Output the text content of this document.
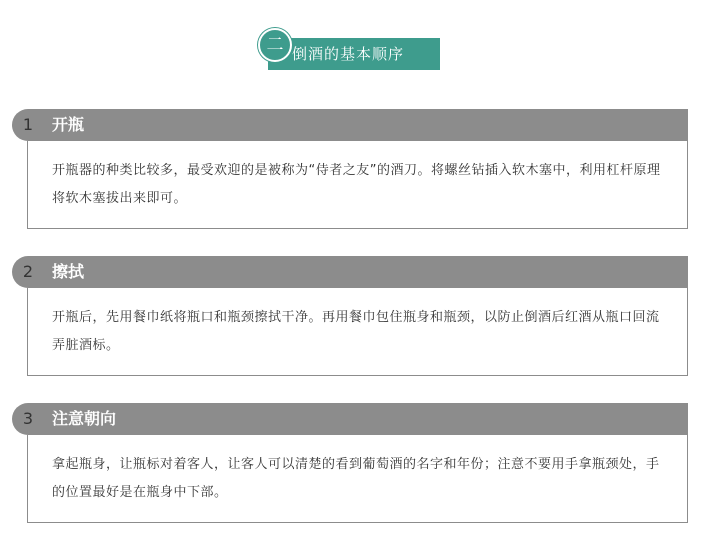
二 倒酒的基本顺序
1	开瓶
开瓶器的种类比较多，最受欢迎的是被称为“侍者之友”的酒刀。将螺丝钻插入软木塞中，利用杠杆原理将软木塞拔出来即可。
2	擦拭
开瓶后，先用餐巾纸将瓶口和瓶颈擦拭干净。再用餐巾包住瓶身和瓶颈，以防止倒酒后红酒从瓶口回流弄脏酒标。
3	注意朝向
拿起瓶身，让瓶标对着客人，让客人可以清楚的看到葡萄酒的名字和年份；注意不要用手拿瓶颈处，手的位置最好是在瓶身中下部。
